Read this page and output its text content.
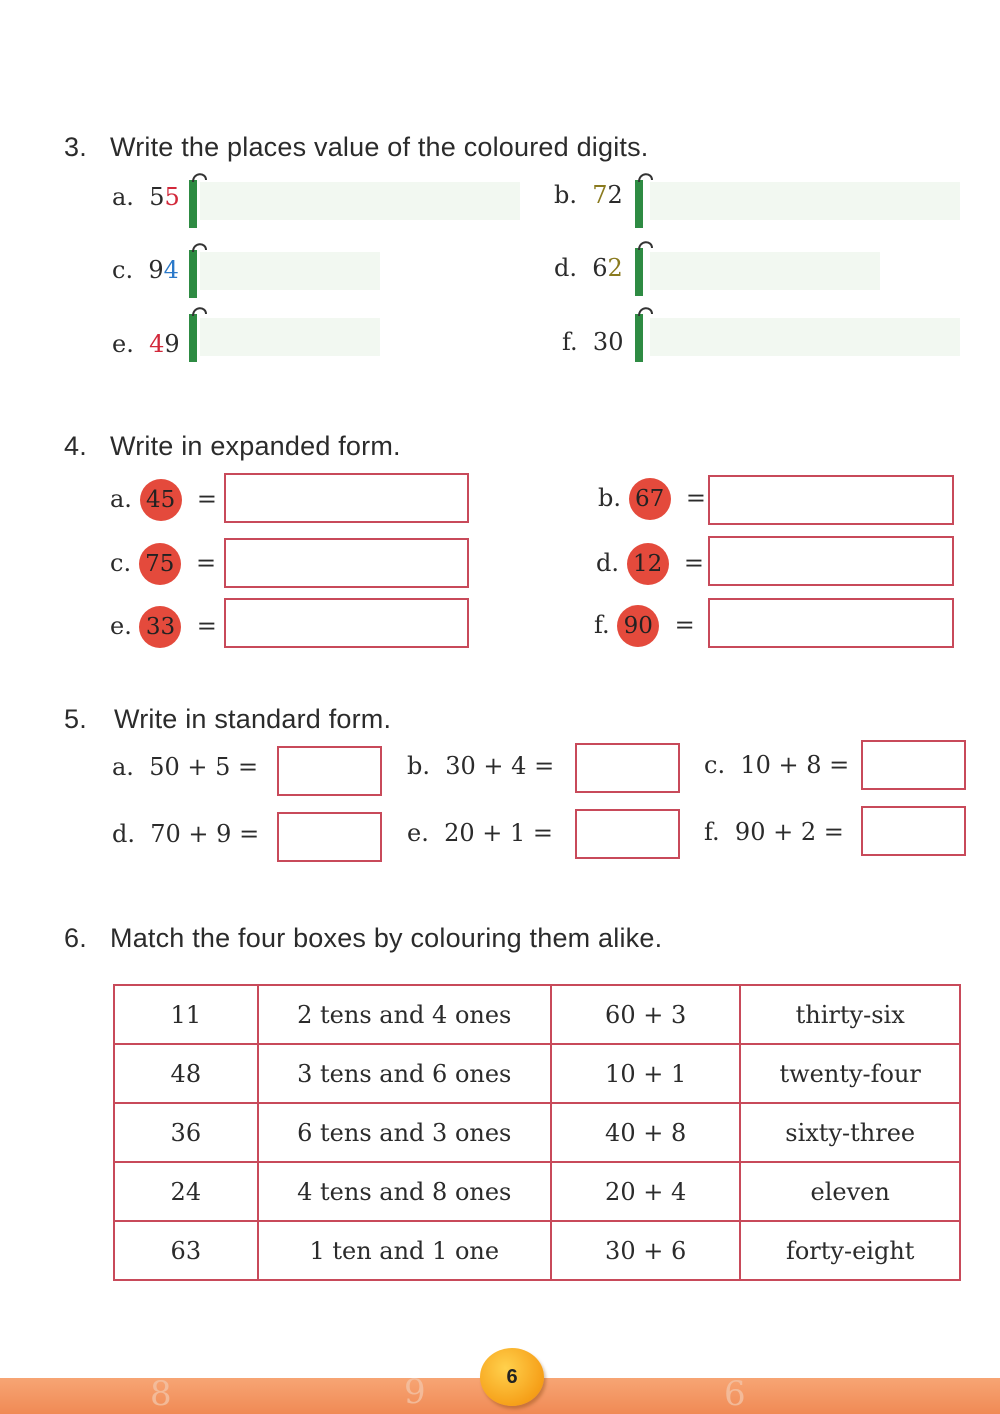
3. Write the places value of the coloured digits.
a. 55	b. 72
c. 94	d. 62
e. 49	f. 30
4. Write in expanded form.
a. 45 =	b. 67 =
c. 75 =	d. 12 =
e. 33 =	f. 90 =
5. Write in standard form.
a. 50 + 5 =	b. 30 + 4 =	c. 10 + 8 =
d. 70 + 9 =	e. 20 + 1 =	f. 90 + 2 =
6. Match the four boxes by colouring them alike.
11	2 tens and 4 ones	60 + 3	thirty-six
48	3 tens and 6 ones	10 + 1	twenty-four
36	6 tens and 3 ones	40 + 8	sixty-three
24	4 tens and 8 ones	20 + 4	eleven
63	1 ten and 1 one	30 + 6	forty-eight
8	9	6
6
